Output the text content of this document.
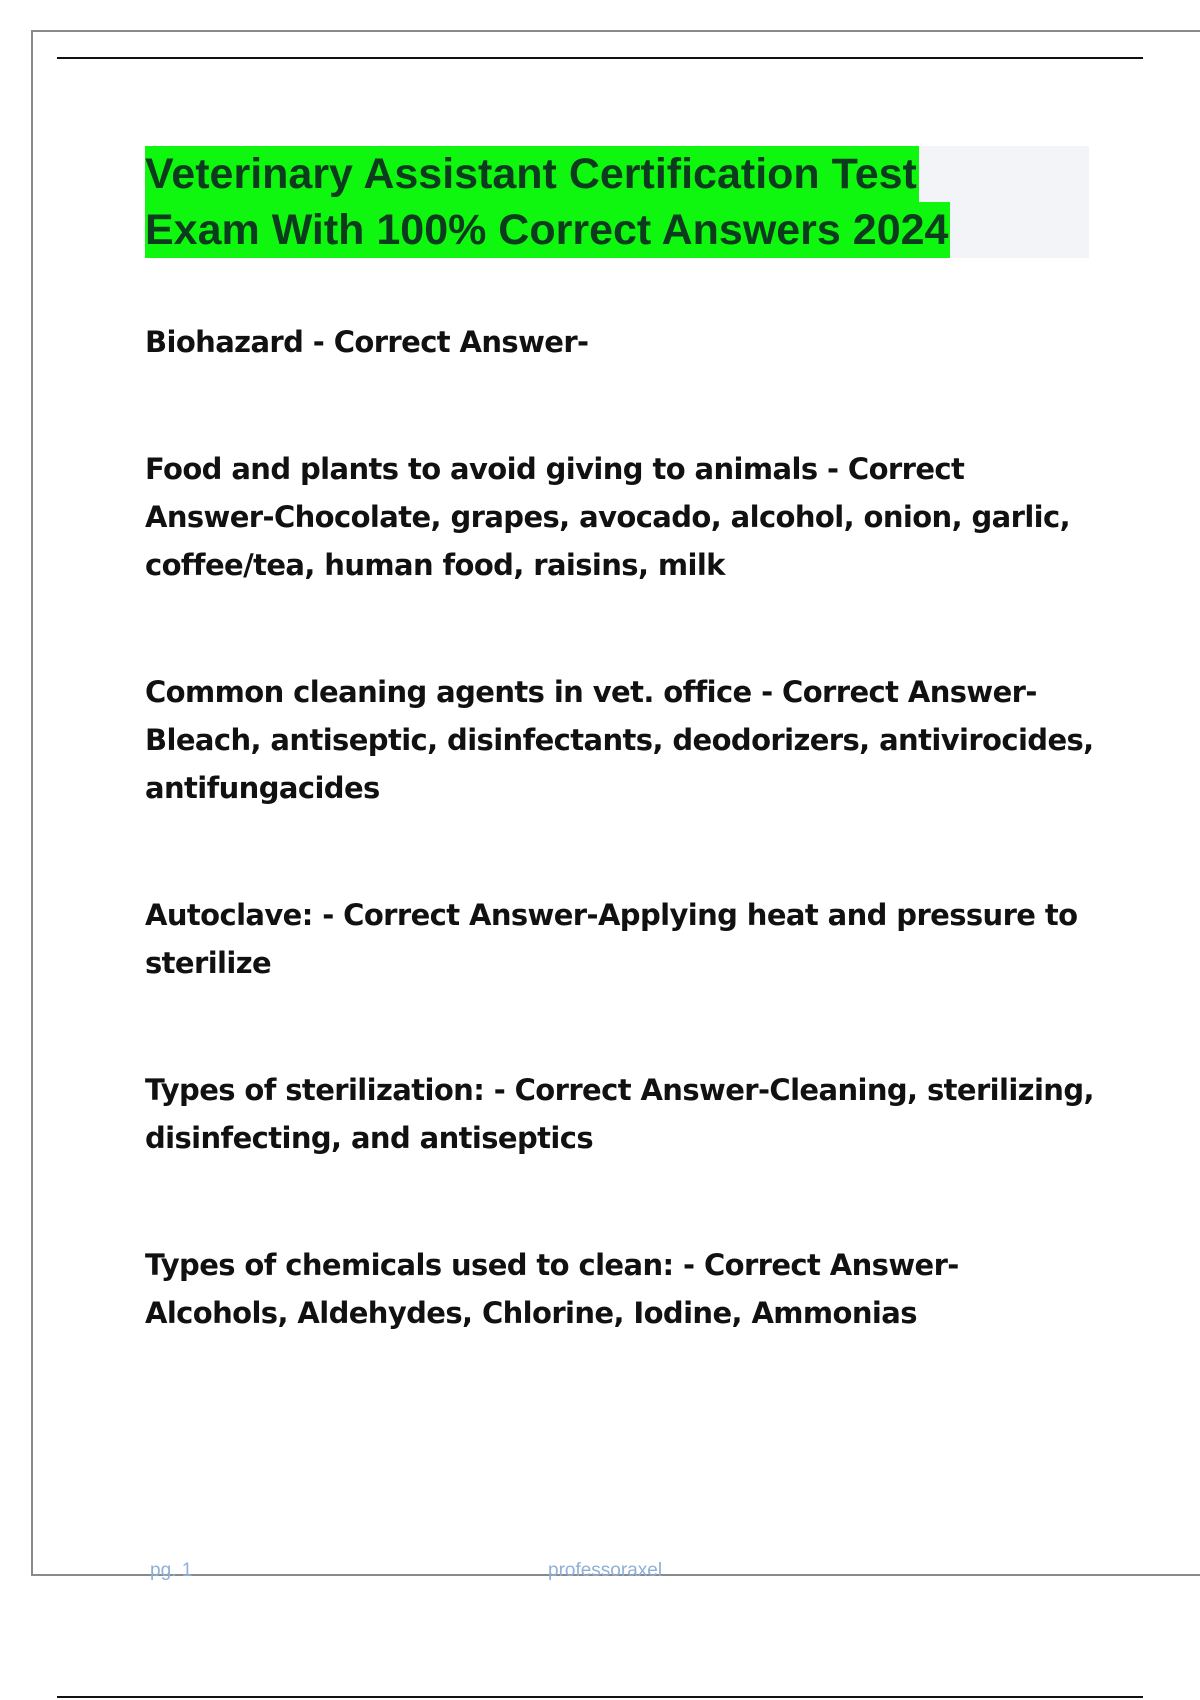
Veterinary Assistant Certification Test
Exam With 100% Correct Answers 2024

Biohazard - Correct Answer-

Food and plants to avoid giving to animals - Correct Answer-Chocolate, grapes, avocado, alcohol, onion, garlic, coffee/tea, human food, raisins, milk

Common cleaning agents in vet. office - Correct Answer-Bleach, antiseptic, disinfectants, deodorizers, antivirocides, antifungacides

Autoclave: - Correct Answer-Applying heat and pressure to sterilize

Types of sterilization: - Correct Answer-Cleaning, sterilizing, disinfecting, and antiseptics

Types of chemicals used to clean: - Correct Answer-Alcohols, Aldehydes, Chlorine, Iodine, Ammonias

pg. 1	professoraxel
